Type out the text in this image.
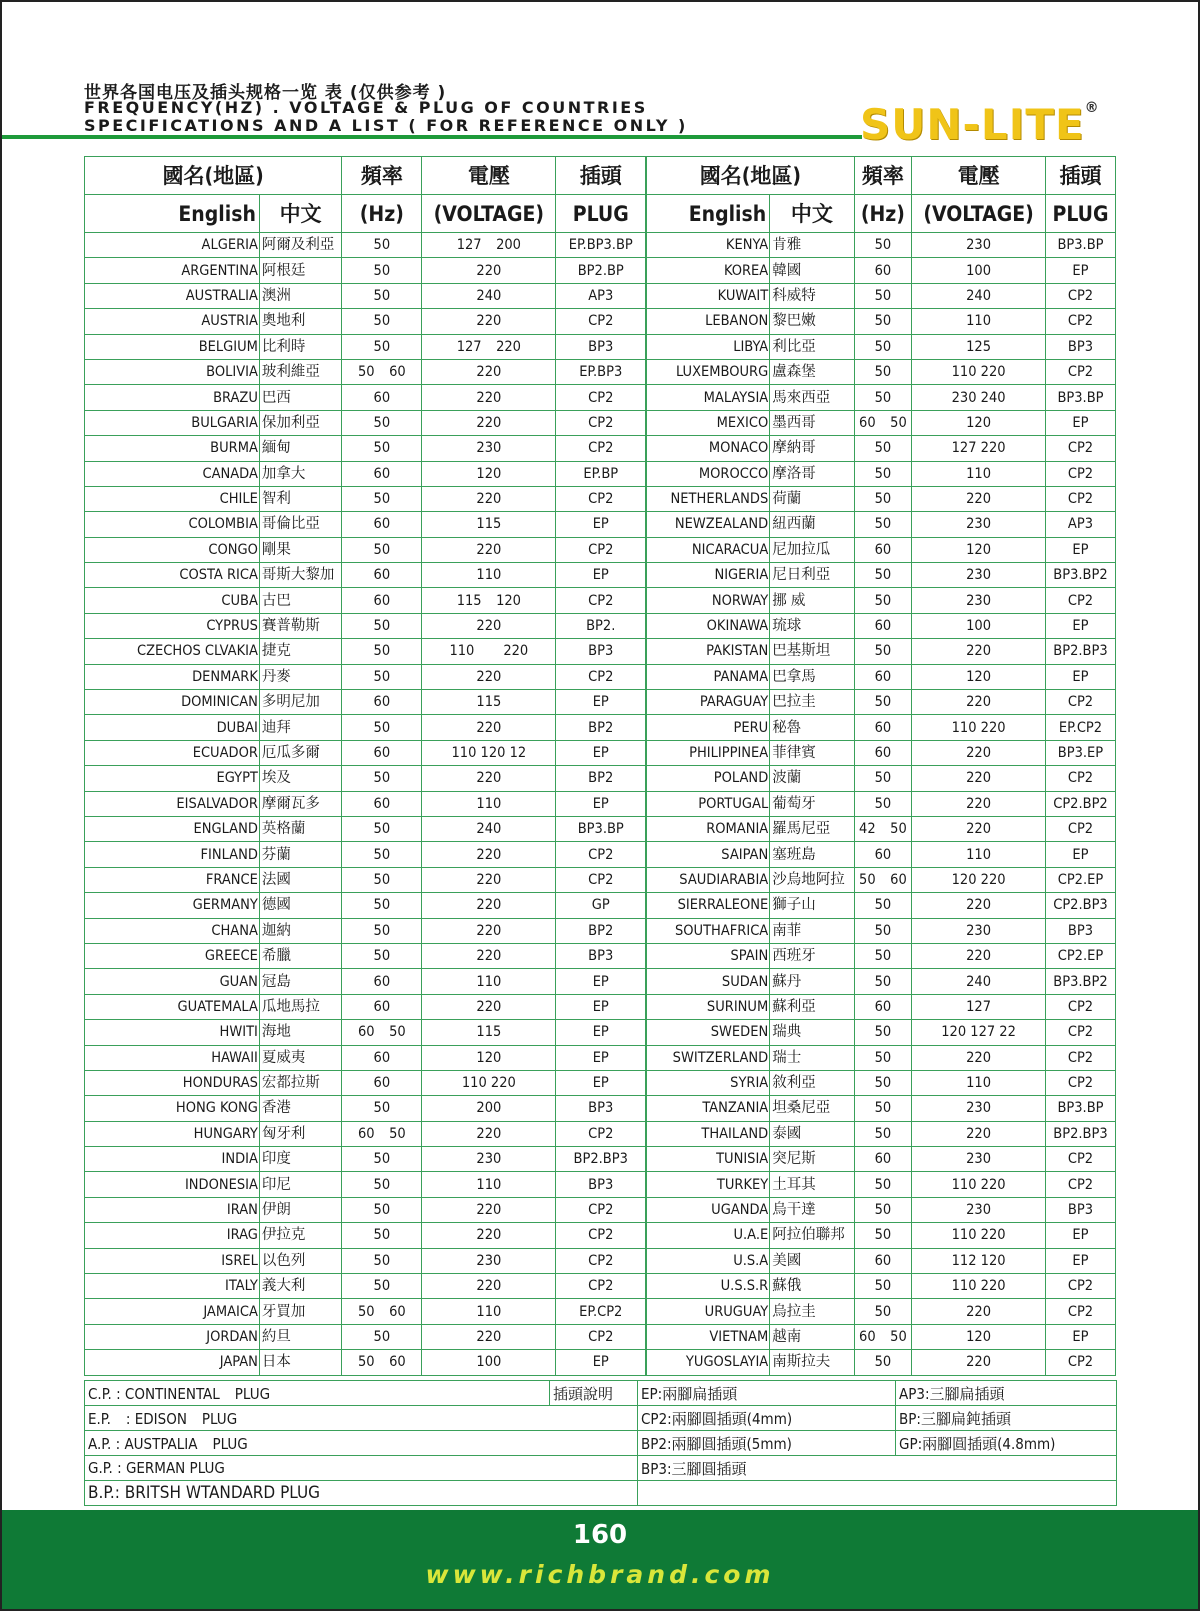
世界各国电压及插头规格一览 表 (仅供参考 )
FREQUENCY(HZ) . VOLTAGE & PLUG OF COUNTRIES
SPECIFICATIONS AND A LIST ( FOR REFERENCE ONLY )	SUN-LITE®
國名(地區)		頻率	電壓	插頭	國名(地區)		頻率	電壓	插頭
English	中文	(Hz)	(VOLTAGE)	PLUG	English	中文	(Hz)	(VOLTAGE)	PLUG
ALGERIA	阿爾及利亞	50	127　200	EP.BP3.BP	KENYA	肯雅	50	230	BP3.BP
ARGENTINA	阿根廷	50	220	BP2.BP	KOREA	韓國	60	100	EP
AUSTRALIA	澳洲	50	240	AP3	KUWAIT	科威特	50	240	CP2
AUSTRIA	奧地利	50	220	CP2	LEBANON	黎巴嫩	50	110	CP2
BELGIUM	比利時	50	127　220	BP3	LIBYA	利比亞	50	125	BP3
BOLIVIA	玻利維亞	50　60	220	EP.BP3	LUXEMBOURG	盧森堡	50	110 220	CP2
BRAZU	巴西	60	220	CP2	MALAYSIA	馬來西亞	50	230 240	BP3.BP
BULGARIA	保加利亞	50	220	CP2	MEXICO	墨西哥	60　50	120	EP
BURMA	緬甸	50	230	CP2	MONACO	摩納哥	50	127 220	CP2
CANADA	加拿大	60	120	EP.BP	MOROCCO	摩洛哥	50	110	CP2
CHILE	智利	50	220	CP2	NETHERLANDS	荷蘭	50	220	CP2
COLOMBIA	哥倫比亞	60	115	EP	NEWZEALAND	紐西蘭	50	230	AP3
CONGO	剛果	50	220	CP2	NICARACUA	尼加拉瓜	60	120	EP
COSTA RICA	哥斯大黎加	60	110	EP	NIGERIA	尼日利亞	50	230	BP3.BP2
CUBA	古巴	60	115　120	CP2	NORWAY	挪 威	50	230	CP2
CYPRUS	賽普勒斯	50	220	BP2.	OKINAWA	琉球	60	100	EP
CZECHOS CLVAKIA	捷克	50	110　　220	BP3	PAKISTAN	巴基斯坦	50	220	BP2.BP3
DENMARK	丹麥	50	220	CP2	PANAMA	巴拿馬	60	120	EP
DOMINICAN	多明尼加	60	115	EP	PARAGUAY	巴拉圭	50	220	CP2
DUBAI	迪拜	50	220	BP2	PERU	秘魯	60	110 220	EP.CP2
ECUADOR	厄瓜多爾	60	110 120 12	EP	PHILIPPINEA	菲律賓	60	220	BP3.EP
EGYPT	埃及	50	220	BP2	POLAND	波蘭	50	220	CP2
EISALVADOR	摩爾瓦多	60	110	EP	PORTUGAL	葡萄牙	50	220	CP2.BP2
ENGLAND	英格蘭	50	240	BP3.BP	ROMANIA	羅馬尼亞	42　50	220	CP2
FINLAND	芬蘭	50	220	CP2	SAIPAN	塞班島	60	110	EP
FRANCE	法國	50	220	CP2	SAUDIARABIA	沙烏地阿拉	50　60	120 220	CP2.EP
GERMANY	德國	50	220	GP	SIERRALEONE	獅子山	50	220	CP2.BP3
CHANA	迦納	50	220	BP2	SOUTHAFRICA	南菲	50	230	BP3
GREECE	希臘	50	220	BP3	SPAIN	西班牙	50	220	CP2.EP
GUAN	冠島	60	110	EP	SUDAN	蘇丹	50	240	BP3.BP2
GUATEMALA	瓜地馬拉	60	220	EP	SURINUM	蘇利亞	60	127	CP2
HWITI	海地	60　50	115	EP	SWEDEN	瑞典	50	120 127 22	CP2
HAWAII	夏威夷	60	120	EP	SWITZERLAND	瑞士	50	220	CP2
HONDURAS	宏都拉斯	60	110 220	EP	SYRIA	敘利亞	50	110	CP2
HONG KONG	香港	50	200	BP3	TANZANIA	坦桑尼亞	50	230	BP3.BP
HUNGARY	匈牙利	60　50	220	CP2	THAILAND	泰國	50	220	BP2.BP3
INDIA	印度	50	230	BP2.BP3	TUNISIA	突尼斯	60	230	CP2
INDONESIA	印尼	50	110	BP3	TURKEY	土耳其	50	110 220	CP2
IRAN	伊朗	50	220	CP2	UGANDA	烏干達	50	230	BP3
IRAG	伊拉克	50	220	CP2	U.A.E	阿拉伯聯邦	50	110 220	EP
ISREL	以色列	50	230	CP2	U.S.A	美國	60	112 120	EP
ITALY	義大利	50	220	CP2	U.S.S.R	蘇俄	50	110 220	CP2
JAMAICA	牙買加	50　60	110	EP.CP2	URUGUAY	烏拉圭	50	220	CP2
JORDAN	約旦	50	220	CP2	VIETNAM	越南	60　50	120	EP
JAPAN	日本	50　60	100	EP	YUGOSLAYIA	南斯拉夫	50	220	CP2
C.P. : CONTINENTAL　PLUG	插頭說明	EP:兩腳扁插頭	AP3:三腳扁插頭
E.P.　: EDISON　PLUG		CP2:兩腳圓插頭(4mm)	BP:三腳扁鈍插頭
A.P. : AUSTPALIA　PLUG		BP2:兩腳圓插頭(5mm)	GP:兩腳圓插頭(4.8mm)
G.P. : GERMAN PLUG		BP3:三腳圓插頭	
B.P.: BRITSH WTANDARD PLUG			
160
www.richbrand.com
